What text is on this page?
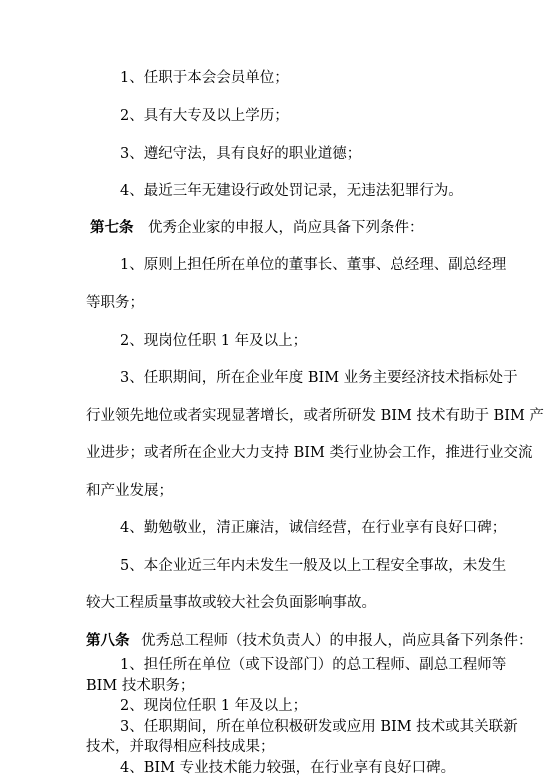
1、任职于本会会员单位；
2、具有大专及以上学历；
3、遵纪守法，具有良好的职业道德；
4、最近三年无建设行政处罚记录，无违法犯罪行为。
第七条 优秀企业家的申报人，尚应具备下列条件：
1、原则上担任所在单位的董事长、董事、总经理、副总经理
等职务；
2、现岗位任职 1 年及以上；
3、任职期间，所在企业年度 BIM 业务主要经济技术指标处于
行业领先地位或者实现显著增长，或者所研发 BIM 技术有助于 BIM 产
业进步；或者所在企业大力支持 BIM 类行业协会工作，推进行业交流
和产业发展；
4、勤勉敬业，清正廉洁，诚信经营，在行业享有良好口碑；
5、本企业近三年内未发生一般及以上工程安全事故，未发生
较大工程质量事故或较大社会负面影响事故。
第八条 优秀总工程师（技术负责人）的申报人，尚应具备下列条件：
1、担任所在单位（或下设部门）的总工程师、副总工程师等
BIM 技术职务；
2、现岗位任职 1 年及以上；
3、任职期间，所在单位积极研发或应用 BIM 技术或其关联新
技术，并取得相应科技成果；
4、BIM 专业技术能力较强，在行业享有良好口碑。
